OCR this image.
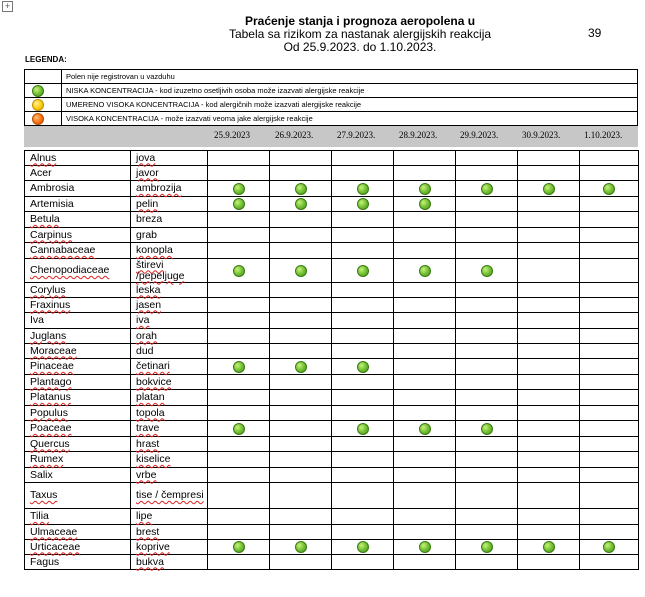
+
Praćenje stanja i prognoza aeropolena u
Tabela sa rizikom za nastanak alergijskih reakcija
Od 25.9.2023. do 1.10.2023.
39
LEGENDA:
	Polen nije registrovan u vazduhu

	NISKA KONCENTRACIJA - kod izuzetno osetljivih osoba može izazvati alergijske reakcije

	UMERENO VISOKA KONCENTRACIJA - kod alergičnih može izazvati alergijske reakcije

	VISOKA KONCENTRACIJA - može izazvati veoma jake alergijske reakcije
25.9.2023	26.9.2023.	27.9.2023.	28.9.2023.	29.9.2023.	30.9.2023.	1.10.2023.
Alnus	jova							
Acer	javor							
Ambrosia	ambrozija							
Artemisia	pelin							
Betula	breza							
Carpinus	grab							
Cannabaceae	konopla							
Chenopodiaceae	štirevi /pepeljuge							
Corylus	leska							
Fraxinus	jasen							
Iva	iva							
Juglans	orah							
Moraceae	dud							
Pinaceae	četinari							
Plantago	bokvice							
Platanus	platan							
Populus	topola							
Poaceae	trave							
Quercus	hrast							
Rumex	kiselice							
Salix	vrbe							
Taxus	tise / čempresi							
Tilia	lipe							
Ulmaceae	brest							
Urticaceae	koprive							
Fagus	bukva							
